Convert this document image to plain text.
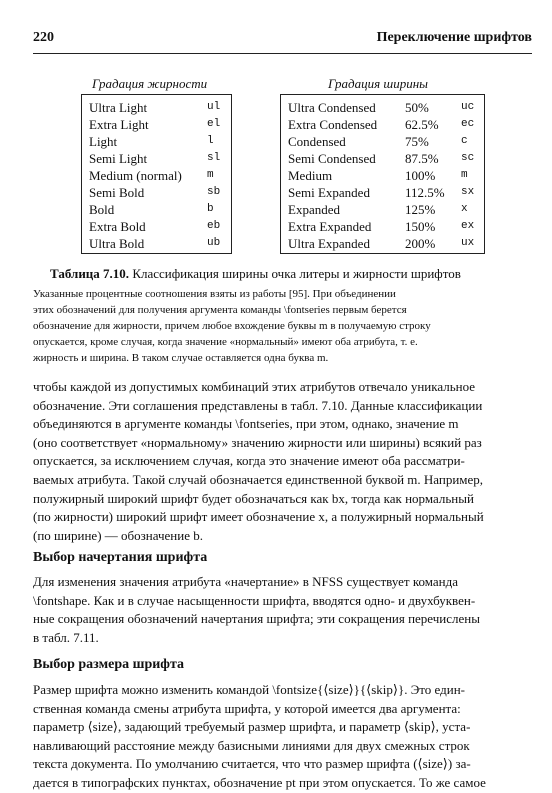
220	Переключение шрифтов
Градация жирности
Ultra Light	ul
Extra Light	el
Light	l
Semi Light	sl
Medium (normal) m
Semi Bold	sb
Bold	b
Extra Bold	eb
Ultra Bold	ub
Градация ширины
Ultra Condensed 50%	uc
Extra Condensed 62.5% ec
Condensed	75%	c
Semi Condensed 87.5% sc
Medium	100% m
Semi Expanded	112.5% sx
Expanded	125% x
Extra Expanded	150% ex
Ultra Expanded	200% ux
Таблица 7.10. Классификация ширины очка литеры и жирности шрифтов
Указанные процентные соотношения взяты из работы [95]. При объединении
этих обозначений для получения аргумента команды \fontseries первым берется
обозначение для жирности, причем любое вхождение буквы m в получаемую строку
опускается, кроме случая, когда значение «нормальный» имеют оба атрибута, т. е.
жирность и ширина. В таком случае оставляется одна буква m.
чтобы каждой из допустимых комбинаций этих атрибутов отвечало уникальное
обозначение. Эти соглашения представлены в табл. 7.10. Данные классификации
объединяются в аргументе команды \fontseries, при этом, однако, значение m
(оно соответствует «нормальному» значению жирности или ширины) всякий раз
опускается, за исключением случая, когда это значение имеют оба рассматри-
ваемых атрибута. Такой случай обозначается единственной буквой m. Например,
полужирный широкий шрифт будет обозначаться как bx, тогда как нормальный
(по жирности) широкий шрифт имеет обозначение x, а полужирный нормальный
(по ширине) — обозначение b.
Выбор начертания шрифта
Для изменения значения атрибута «начертание» в NFSS существует команда
\fontshape. Как и в случае насыщенности шрифта, вводятся одно- и двухбуквен-
ные сокращения обозначений начертания шрифта; эти сокращения перечислены
в табл. 7.11.
Выбор размера шрифта
Размер шрифта можно изменить командой \fontsize{⟨size⟩}{⟨skip⟩}. Это един-
ственная команда смены атрибута шрифта, у которой имеется два аргумента:
параметр ⟨size⟩, задающий требуемый размер шрифта, и параметр ⟨skip⟩, уста-
навливающий расстояние между базисными линиями для двух смежных строк
текста документа. По умолчанию считается, что что размер шрифта (⟨size⟩) за-
дается в типографских пунктах, обозначение pt при этом опускается. То же самое
